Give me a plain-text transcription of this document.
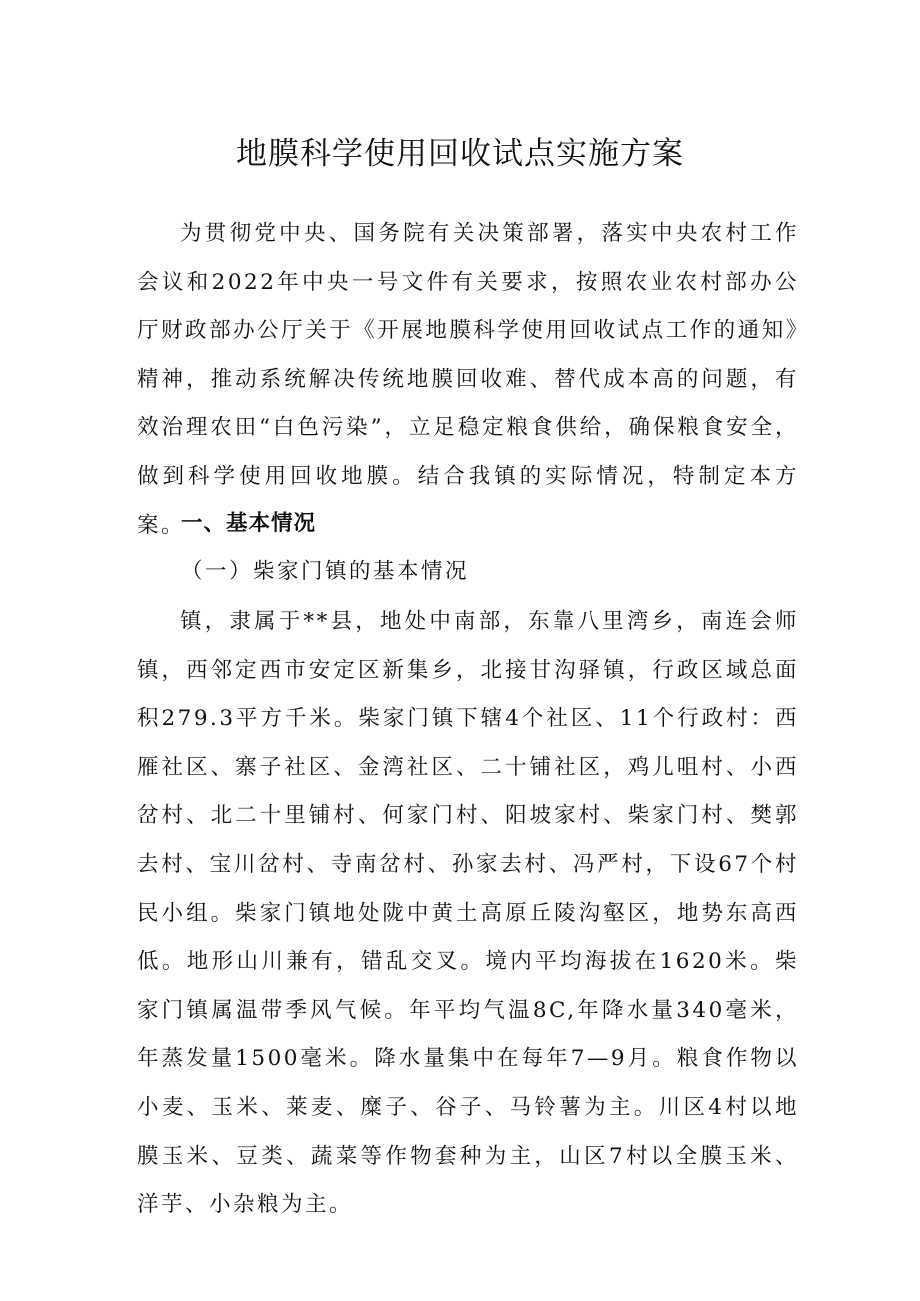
地膜科学使用回收试点实施方案

为贯彻党中央、国务院有关决策部署，落实中央农村工作会议和2022年中央一号文件有关要求，按照农业农村部办公厅财政部办公厅关于《开展地膜科学使用回收试点工作的通知》精神，推动系统解决传统地膜回收难、替代成本高的问题，有效治理农田“白色污染”，立足稳定粮食供给，确保粮食安全，做到科学使用回收地膜。结合我镇的实际情况，特制定本方案。

一、基本情况
（一）柴家门镇的基本情况

镇，隶属于**县，地处中南部，东靠八里湾乡，南连会师镇，西邻定西市安定区新集乡，北接甘沟驿镇，行政区域总面积279.3平方千米。柴家门镇下辖4个社区、11个行政村：西雁社区、寨子社区、金湾社区、二十铺社区，鸡儿咀村、小西岔村、北二十里铺村、何家门村、阳坡家村、柴家门村、樊郭去村、宝川岔村、寺南岔村、孙家去村、冯严村，下设67个村民小组。柴家门镇地处陇中黄土高原丘陵沟壑区，地势东高西低。地形山川兼有，错乱交叉。境内平均海拔在1620米。柴家门镇属温带季风气候。年平均气温8C,年降水量340毫米，年蒸发量1500毫米。降水量集中在每年7—9月。粮食作物以小麦、玉米、莱麦、糜子、谷子、马铃薯为主。川区4村以地膜玉米、豆类、蔬菜等作物套种为主，山区7村以全膜玉米、洋芋、小杂粮为主。
